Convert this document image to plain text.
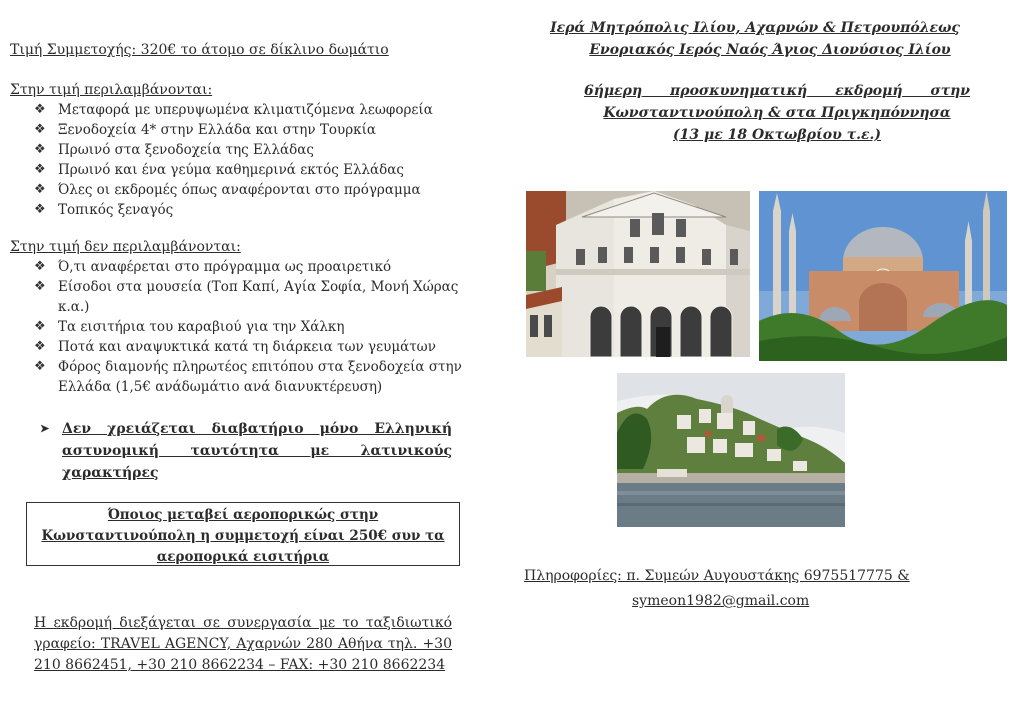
Τιμή Συμμετοχής: 320€ το άτομο σε δίκλινο δωμάτιο
Στην τιμή περιλαμβάνονται:
❖ Μεταφορά με υπερυψωμένα κλιματιζόμενα λεωφορεία
❖ Ξενοδοχεία 4* στην Ελλάδα και στην Τουρκία
❖ Πρωινό στα ξενοδοχεία της Ελλάδας
❖ Πρωινό και ένα γεύμα καθημερινά εκτός Ελλάδας
❖ Όλες οι εκδρομές όπως αναφέρονται στο πρόγραμμα
❖ Τοπικός ξεναγός
Στην τιμή δεν περιλαμβάνονται:
❖ Ό,τι αναφέρεται στο πρόγραμμα ως προαιρετικό
❖ Είσοδοι στα μουσεία (Τοπ Καπί, Αγία Σοφία, Μονή Χώρας κ.α.)
❖ Τα εισιτήρια του καραβιού για την Χάλκη
❖ Ποτά και αναψυκτικά κατά τη διάρκεια των γευμάτων
❖ Φόρος διαμονής πληρωτέος επιτόπου στα ξενοδοχεία στην Ελλάδα (1,5€ ανάδωμάτιο ανά διανυκτέρευση)
➤ Δεν χρειάζεται διαβατήριο μόνο Ελληνική αστυνομική ταυτότητα με λατινικούς χαρακτήρες
Όποιος μεταβεί αεροπορικώς στην
Κωνσταντινούπολη η συμμετοχή είναι 250€ συν τα
αεροπορικά εισιτήρια
Η εκδρομή διεξάγεται σε συνεργασία με το ταξιδιωτικό γραφείο: TRAVEL AGENCY, Αχαρνών 280 Αθήνα τηλ. +30 210 8662451, +30 210 8662234 – FAX: +30 210 8662234
Ιερά Μητρόπολις Ιλίου, Αχαρνών & Πετρουπόλεως
Ενοριακός Ιερός Ναός Άγιος Διονύσιος Ιλίου
6ήμερη προσκυνηματική εκδρομή στην
Κωνσταντινούπολη & στα Πριγκηπόννησα
(13 με 18 Οκτωβρίου τ.ε.)
Πληροφορίες: π. Συμεών Αυγουστάκης 6975517775 &
symeon1982@gmail.com
